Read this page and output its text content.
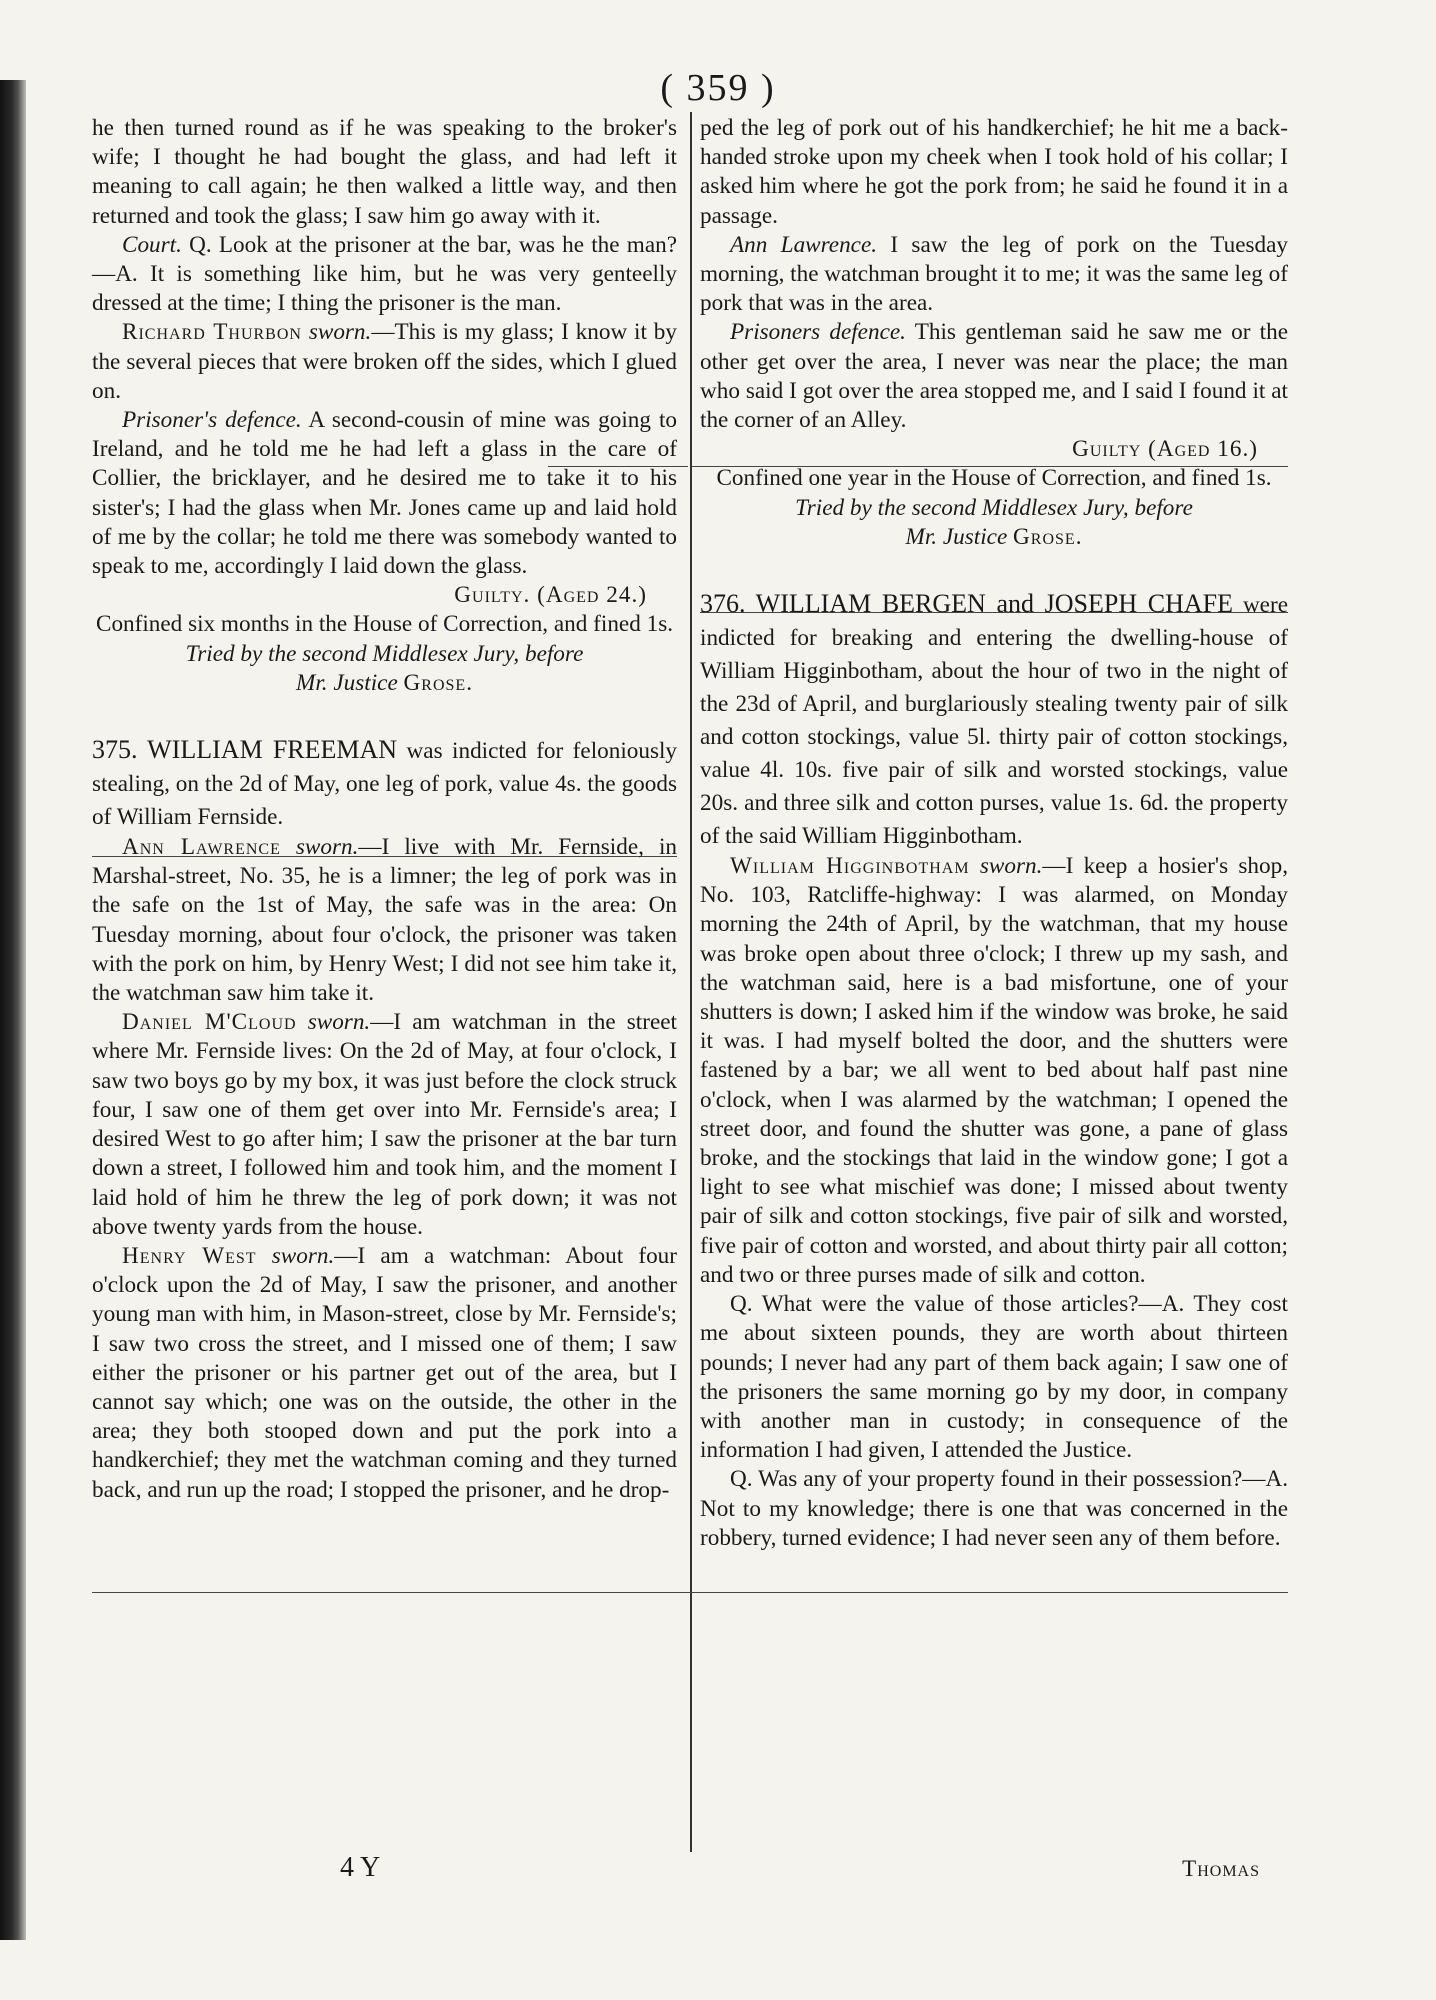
( 359 )

he then turned round as if he was speaking to the broker's wife; I thought he had bought the glass, and had left it meaning to call again; he then walked a little way, and then returned and took the glass; I saw him go away with it.

Court. Q. Look at the prisoner at the bar, was he the man?—A. It is something like him, but he was very genteelly dressed at the time; I thing the prisoner is the man.

Richard Thurbon sworn.—This is my glass; I know it by the several pieces that were broken off the sides, which I glued on.

Prisoner's defence. A second-cousin of mine was going to Ireland, and he told me he had left a glass in the care of Collier, the bricklayer, and he desired me to take it to his sister's; I had the glass when Mr. Jones came up and laid hold of me by the collar; he told me there was somebody wanted to speak to me, accordingly I laid down the glass.

Guilty. (Aged 24.)

Confined six months in the House of Correction, and fined 1s.

Tried by the second Middlesex Jury, before

Mr. Justice Grose.

375. WILLIAM FREEMAN was indicted for feloniously stealing, on the 2d of May, one leg of pork, value 4s. the goods of William Fernside.

Ann Lawrence sworn.—I live with Mr. Fernside, in Marshal-street, No. 35, he is a limner; the leg of pork was in the safe on the 1st of May, the safe was in the area: On Tuesday morning, about four o'clock, the prisoner was taken with the pork on him, by Henry West; I did not see him take it, the watchman saw him take it.

Daniel M'Cloud sworn.—I am watchman in the street where Mr. Fernside lives: On the 2d of May, at four o'clock, I saw two boys go by my box, it was just before the clock struck four, I saw one of them get over into Mr. Fernside's area; I desired West to go after him; I saw the prisoner at the bar turn down a street, I followed him and took him, and the moment I laid hold of him he threw the leg of pork down; it was not above twenty yards from the house.

Henry West sworn.—I am a watchman: About four o'clock upon the 2d of May, I saw the prisoner, and another young man with him, in Mason-street, close by Mr. Fernside's; I saw two cross the street, and I missed one of them; I saw either the prisoner or his partner get out of the area, but I cannot say which; one was on the outside, the other in the area; they both stooped down and put the pork into a handkerchief; they met the watchman coming and they turned back, and run up the road; I stopped the prisoner, and he drop-

ped the leg of pork out of his handkerchief; he hit me a back-handed stroke upon my cheek when I took hold of his collar; I asked him where he got the pork from; he said he found it in a passage.

Ann Lawrence. I saw the leg of pork on the Tuesday morning, the watchman brought it to me; it was the same leg of pork that was in the area.

Prisoners defence. This gentleman said he saw me or the other get over the area, I never was near the place; the man who said I got over the area stopped me, and I said I found it at the corner of an Alley.

Guilty (Aged 16.)

Confined one year in the House of Correction, and fined 1s.

Tried by the second Middlesex Jury, before

Mr. Justice Grose.

376. WILLIAM BERGEN and JOSEPH CHAFE were indicted for breaking and entering the dwelling-house of William Higginbotham, about the hour of two in the night of the 23d of April, and burglariously stealing twenty pair of silk and cotton stockings, value 5l. thirty pair of cotton stockings, value 4l. 10s. five pair of silk and worsted stockings, value 20s. and three silk and cotton purses, value 1s. 6d. the property of the said William Higginbotham.

William Higginbotham sworn.—I keep a hosier's shop, No. 103, Ratcliffe-highway: I was alarmed, on Monday morning the 24th of April, by the watchman, that my house was broke open about three o'clock; I threw up my sash, and the watchman said, here is a bad misfortune, one of your shutters is down; I asked him if the window was broke, he said it was. I had myself bolted the door, and the shutters were fastened by a bar; we all went to bed about half past nine o'clock, when I was alarmed by the watchman; I opened the street door, and found the shutter was gone, a pane of glass broke, and the stockings that laid in the window gone; I got a light to see what mischief was done; I missed about twenty pair of silk and cotton stockings, five pair of silk and worsted, five pair of cotton and worsted, and about thirty pair all cotton; and two or three purses made of silk and cotton.

Q. What were the value of those articles?—A. They cost me about sixteen pounds, they are worth about thirteen pounds; I never had any part of them back again; I saw one of the prisoners the same morning go by my door, in company with another man in custody; in consequence of the information I had given, I attended the Justice.

Q. Was any of your property found in their possession?—A. Not to my knowledge; there is one that was concerned in the robbery, turned evidence; I had never seen any of them before.

4 Y	Thomas
